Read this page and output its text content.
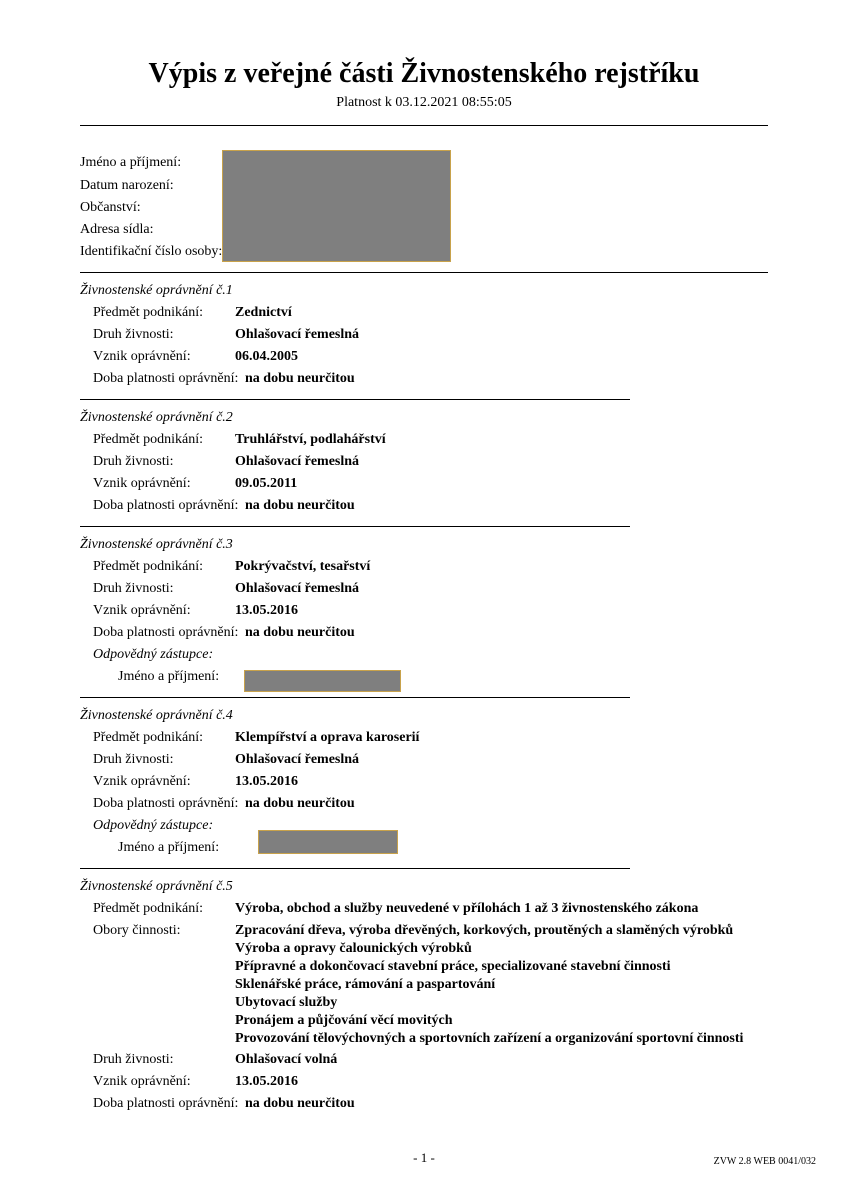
Výpis z veřejné části Živnostenského rejstříku
Platnost k 03.12.2021 08:55:05
Jméno a příjmení:
Datum narození:
Občanství:
Adresa sídla:
Identifikační číslo osoby:
Živnostenské oprávnění č.1
Předmět podnikání: Zednictví
Druh živnosti:	Ohlašovací řemeslná
Vznik oprávnění:	06.04.2005
Doba platnosti oprávnění: na dobu neurčitou
Živnostenské oprávnění č.2
Předmět podnikání: Truhlářství, podlahářství
Druh živnosti:	Ohlašovací řemeslná
Vznik oprávnění:	09.05.2011
Doba platnosti oprávnění: na dobu neurčitou
Živnostenské oprávnění č.3
Předmět podnikání: Pokrývačství, tesařství
Druh živnosti:	Ohlašovací řemeslná
Vznik oprávnění:	13.05.2016
Doba platnosti oprávnění: na dobu neurčitou
Odpovědný zástupce:
Jméno a příjmení:
Živnostenské oprávnění č.4
Předmět podnikání: Klempířství a oprava karoserií
Druh živnosti:	Ohlašovací řemeslná
Vznik oprávnění:	13.05.2016
Doba platnosti oprávnění: na dobu neurčitou
Odpovědný zástupce:
Jméno a příjmení:
Živnostenské oprávnění č.5
Předmět podnikání: Výroba, obchod a služby neuvedené v přílohách 1 až 3 živnostenského zákona
Obory činnosti:	Zpracování dřeva, výroba dřevěných, korkových, proutěných a slaměných výrobků
Výroba a opravy čalounických výrobků
Přípravné a dokončovací stavební práce, specializované stavební činnosti
Sklenářské práce, rámování a paspartování
Ubytovací služby
Pronájem a půjčování věcí movitých
Provozování tělovýchovných a sportovních zařízení a organizování sportovní činnosti
Druh živnosti:	Ohlašovací volná
Vznik oprávnění:	13.05.2016
Doba platnosti oprávnění: na dobu neurčitou
- 1 -	ZVW 2.8 WEB 0041/032
